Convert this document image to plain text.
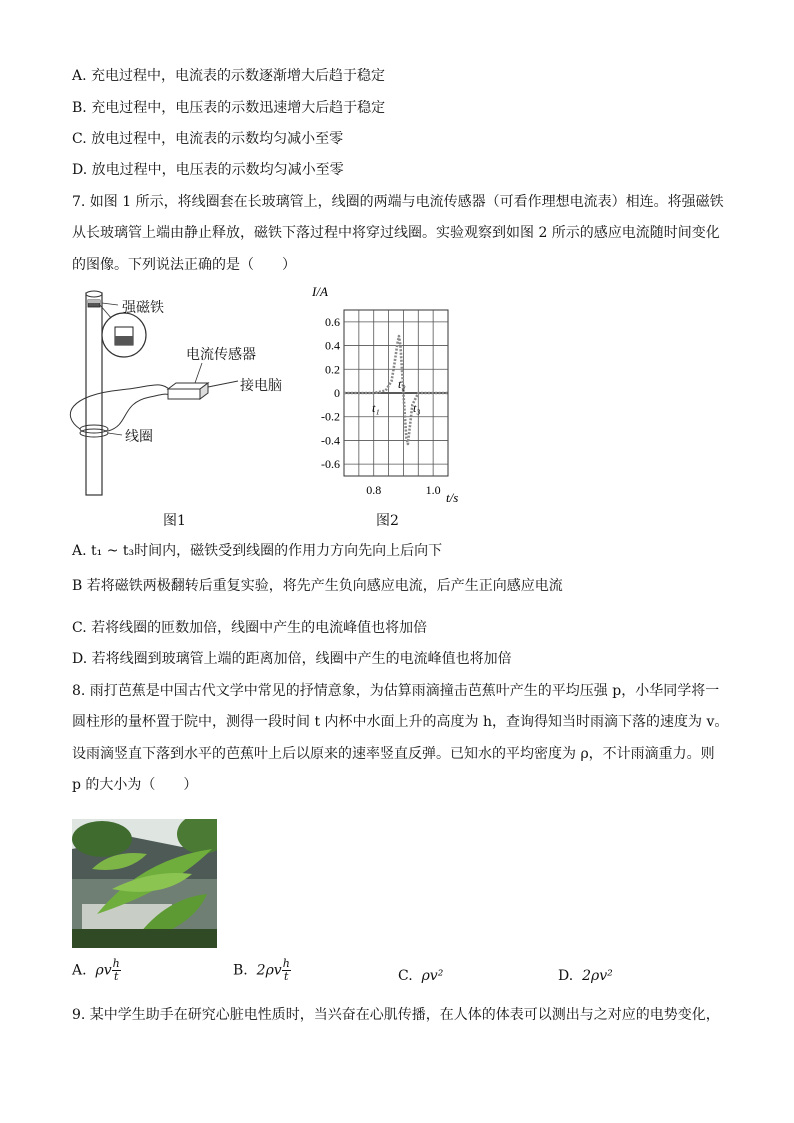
A. 充电过程中，电流表的示数逐渐增大后趋于稳定
B. 充电过程中，电压表的示数迅速增大后趋于稳定
C. 放电过程中，电流表的示数均匀减小至零
D. 放电过程中，电压表的示数均匀减小至零
7. 如图 1 所示，将线圈套在长玻璃管上，线圈的两端与电流传感器（可看作理想电流表）相连。将强磁铁
从长玻璃管上端由静止释放，磁铁下落过程中将穿过线圈。实验观察到如图 2 所示的感应电流随时间变化
的图像。下列说法正确的是（　　）
强磁铁
电流传感器
接电脑
线圈
图1
0.6
0.4
0.2
0
-0.2
-0.4
-0.6
0.8	1.0
I/A
t/s
t₁
t₂
t₃
图2
A. t₁ ~ t₃时间内，磁铁受到线圈的作用力方向先向上后向下
B 若将磁铁两极翻转后重复实验，将先产生负向感应电流，后产生正向感应电流
C. 若将线圈的匝数加倍，线圈中产生的电流峰值也将加倍
D. 若将线圈到玻璃管上端的距离加倍，线圈中产生的电流峰值也将加倍
8. 雨打芭蕉是中国古代文学中常见的抒情意象，为估算雨滴撞击芭蕉叶产生的平均压强 p，小华同学将一
圆柱形的量杯置于院中，测得一段时间 t 内杯中水面上升的高度为 h，查询得知当时雨滴下落的速度为 v。
设雨滴竖直下落到水平的芭蕉叶上后以原来的速率竖直反弹。已知水的平均密度为 ρ，不计雨滴重力。则
p 的大小为（　　）
A. ρv $\frac{h}{t}$	B. $2\rho v \frac{h}{t}$	C. ρv²	D. 2ρv²
9. 某中学生助手在研究心脏电性质时，当兴奋在心肌传播，在人体的体表可以测出与之对应的电势变化，
